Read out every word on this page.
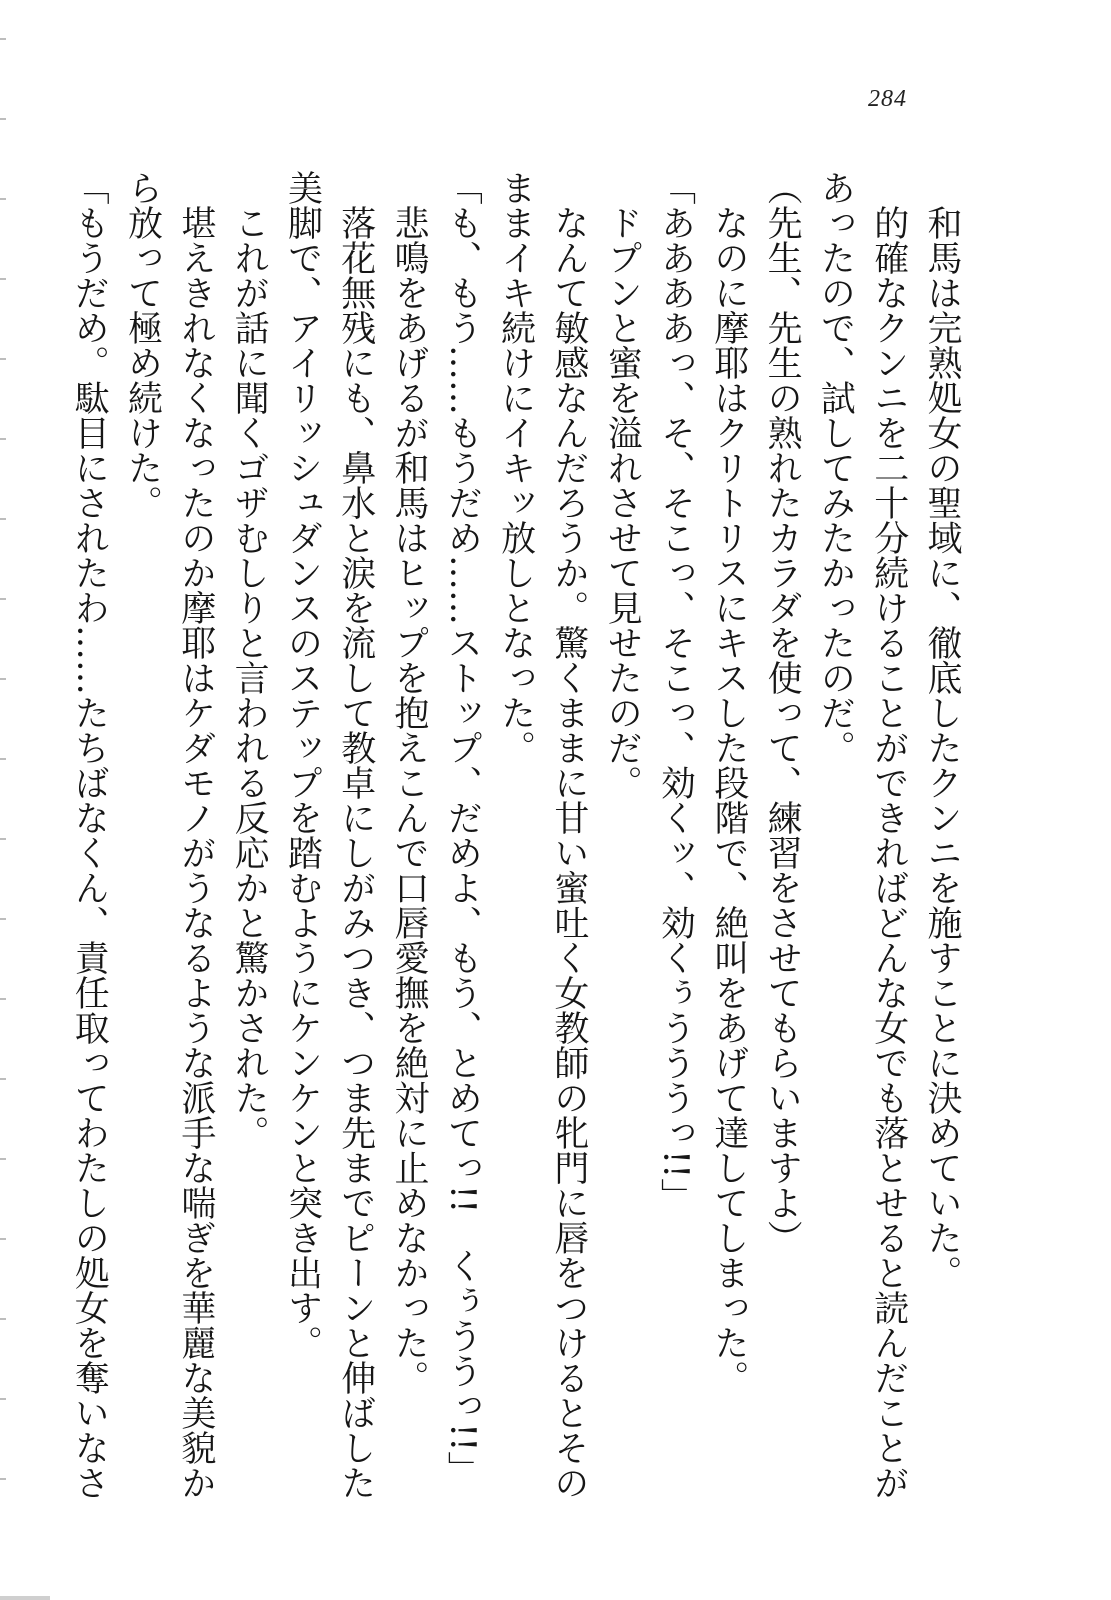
284
　和馬は完熟処女の聖域に、徹底したクンニを施すことに決めていた。
　的確なクンニを二十分続けることができればどんな女でも落とせると読んだことが
あったので、試してみたかったのだ。
（先生、先生の熟れたカラダを使って、練習をさせてもらいますよ）
　なのに摩耶はクリトリスにキスした段階で、絶叫をあげて達してしまった。
「ああああっ、そ、そこっ、そこっ、効くッ、効くぅうううっ!!」
　ドプンと蜜を溢れさせて見せたのだ。
　なんて敏感なんだろうか。驚くままに甘い蜜吐く女教師の牝門に唇をつけるとその
ままイキ続けにイキッ放しとなった。
「も、もう……もうだめ……ストップ、だめよ、もう、とめてっ!!　くぅううっ!!」
　悲鳴をあげるが和馬はヒップを抱えこんで口唇愛撫を絶対に止めなかった。
　落花無残にも、鼻水と涙を流して教卓にしがみつき、つま先までピーンと伸ばした
美脚で、アイリッシュダンスのステップを踏むようにケンケンと突き出す。
　これが話に聞くゴザむしりと言われる反応かと驚かされた。
　堪えきれなくなったのか摩耶はケダモノがうなるような派手な喘ぎを華麗な美貌か
ら放って極め続けた。
「もうだめ。駄目にされたわ……たちばなくん、責任取ってわたしの処女を奪いなさ
